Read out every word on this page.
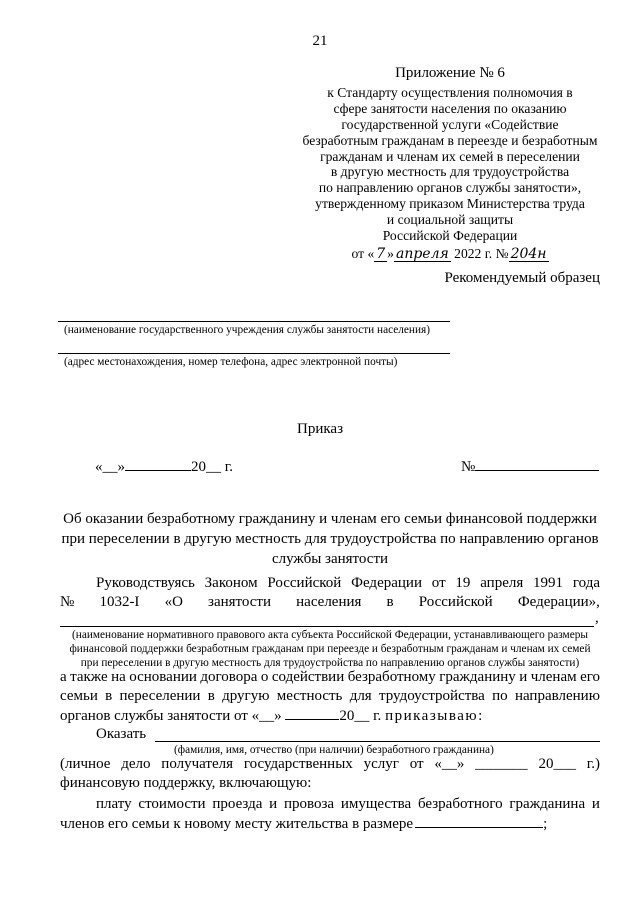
21
Приложение № 6
к Стандарту осуществления полномочия в
сфере занятости населения по оказанию
государственной услуги «Содействие
безработным гражданам в переезде и безработным
гражданам и членам их семей в переселении
в другую местность для трудоустройства
по направлению органов службы занятости»,
утвержденному приказом Министерства труда
и социальной защиты
Российской Федерации
от « 7 » апреля 2022 г. № 204н
Рекомендуемый образец
(наименование государственного учреждения службы занятости населения)
(адрес местонахождения, номер телефона, адрес электронной почты)
Приказ
«__»	20__ г.	№
Об оказании безработному гражданину и членам его семьи финансовой поддержки
при переселении в другую местность для трудоустройства по направлению органов
службы занятости
Руководствуясь Законом Российской Федерации от 19 апреля 1991 года
№ 1032-I «О занятости населения в Российской Федерации»,
,
(наименование нормативного правового акта субъекта Российской Федерации, устанавливающего размеры
финансовой поддержки безработным гражданам при переезде и безработным гражданам и членам их семей
при переселении в другую местность для трудоустройства по направлению органов службы занятости)
а также на основании договора о содействии безработному гражданину и членам его
семьи в переселении в другую местность для трудоустройства по направлению
органов службы занятости от «__»	20__ г. приказываю:
Оказать
(фамилия, имя, отчество (при наличии) безработного гражданина)
(личное дело получателя государственных услуг от «__» _______ 20___ г.)
финансовую поддержку, включающую:
плату стоимости проезда и провоза имущества безработного гражданина и
членов его семьи к новому месту жительства в размере	;
